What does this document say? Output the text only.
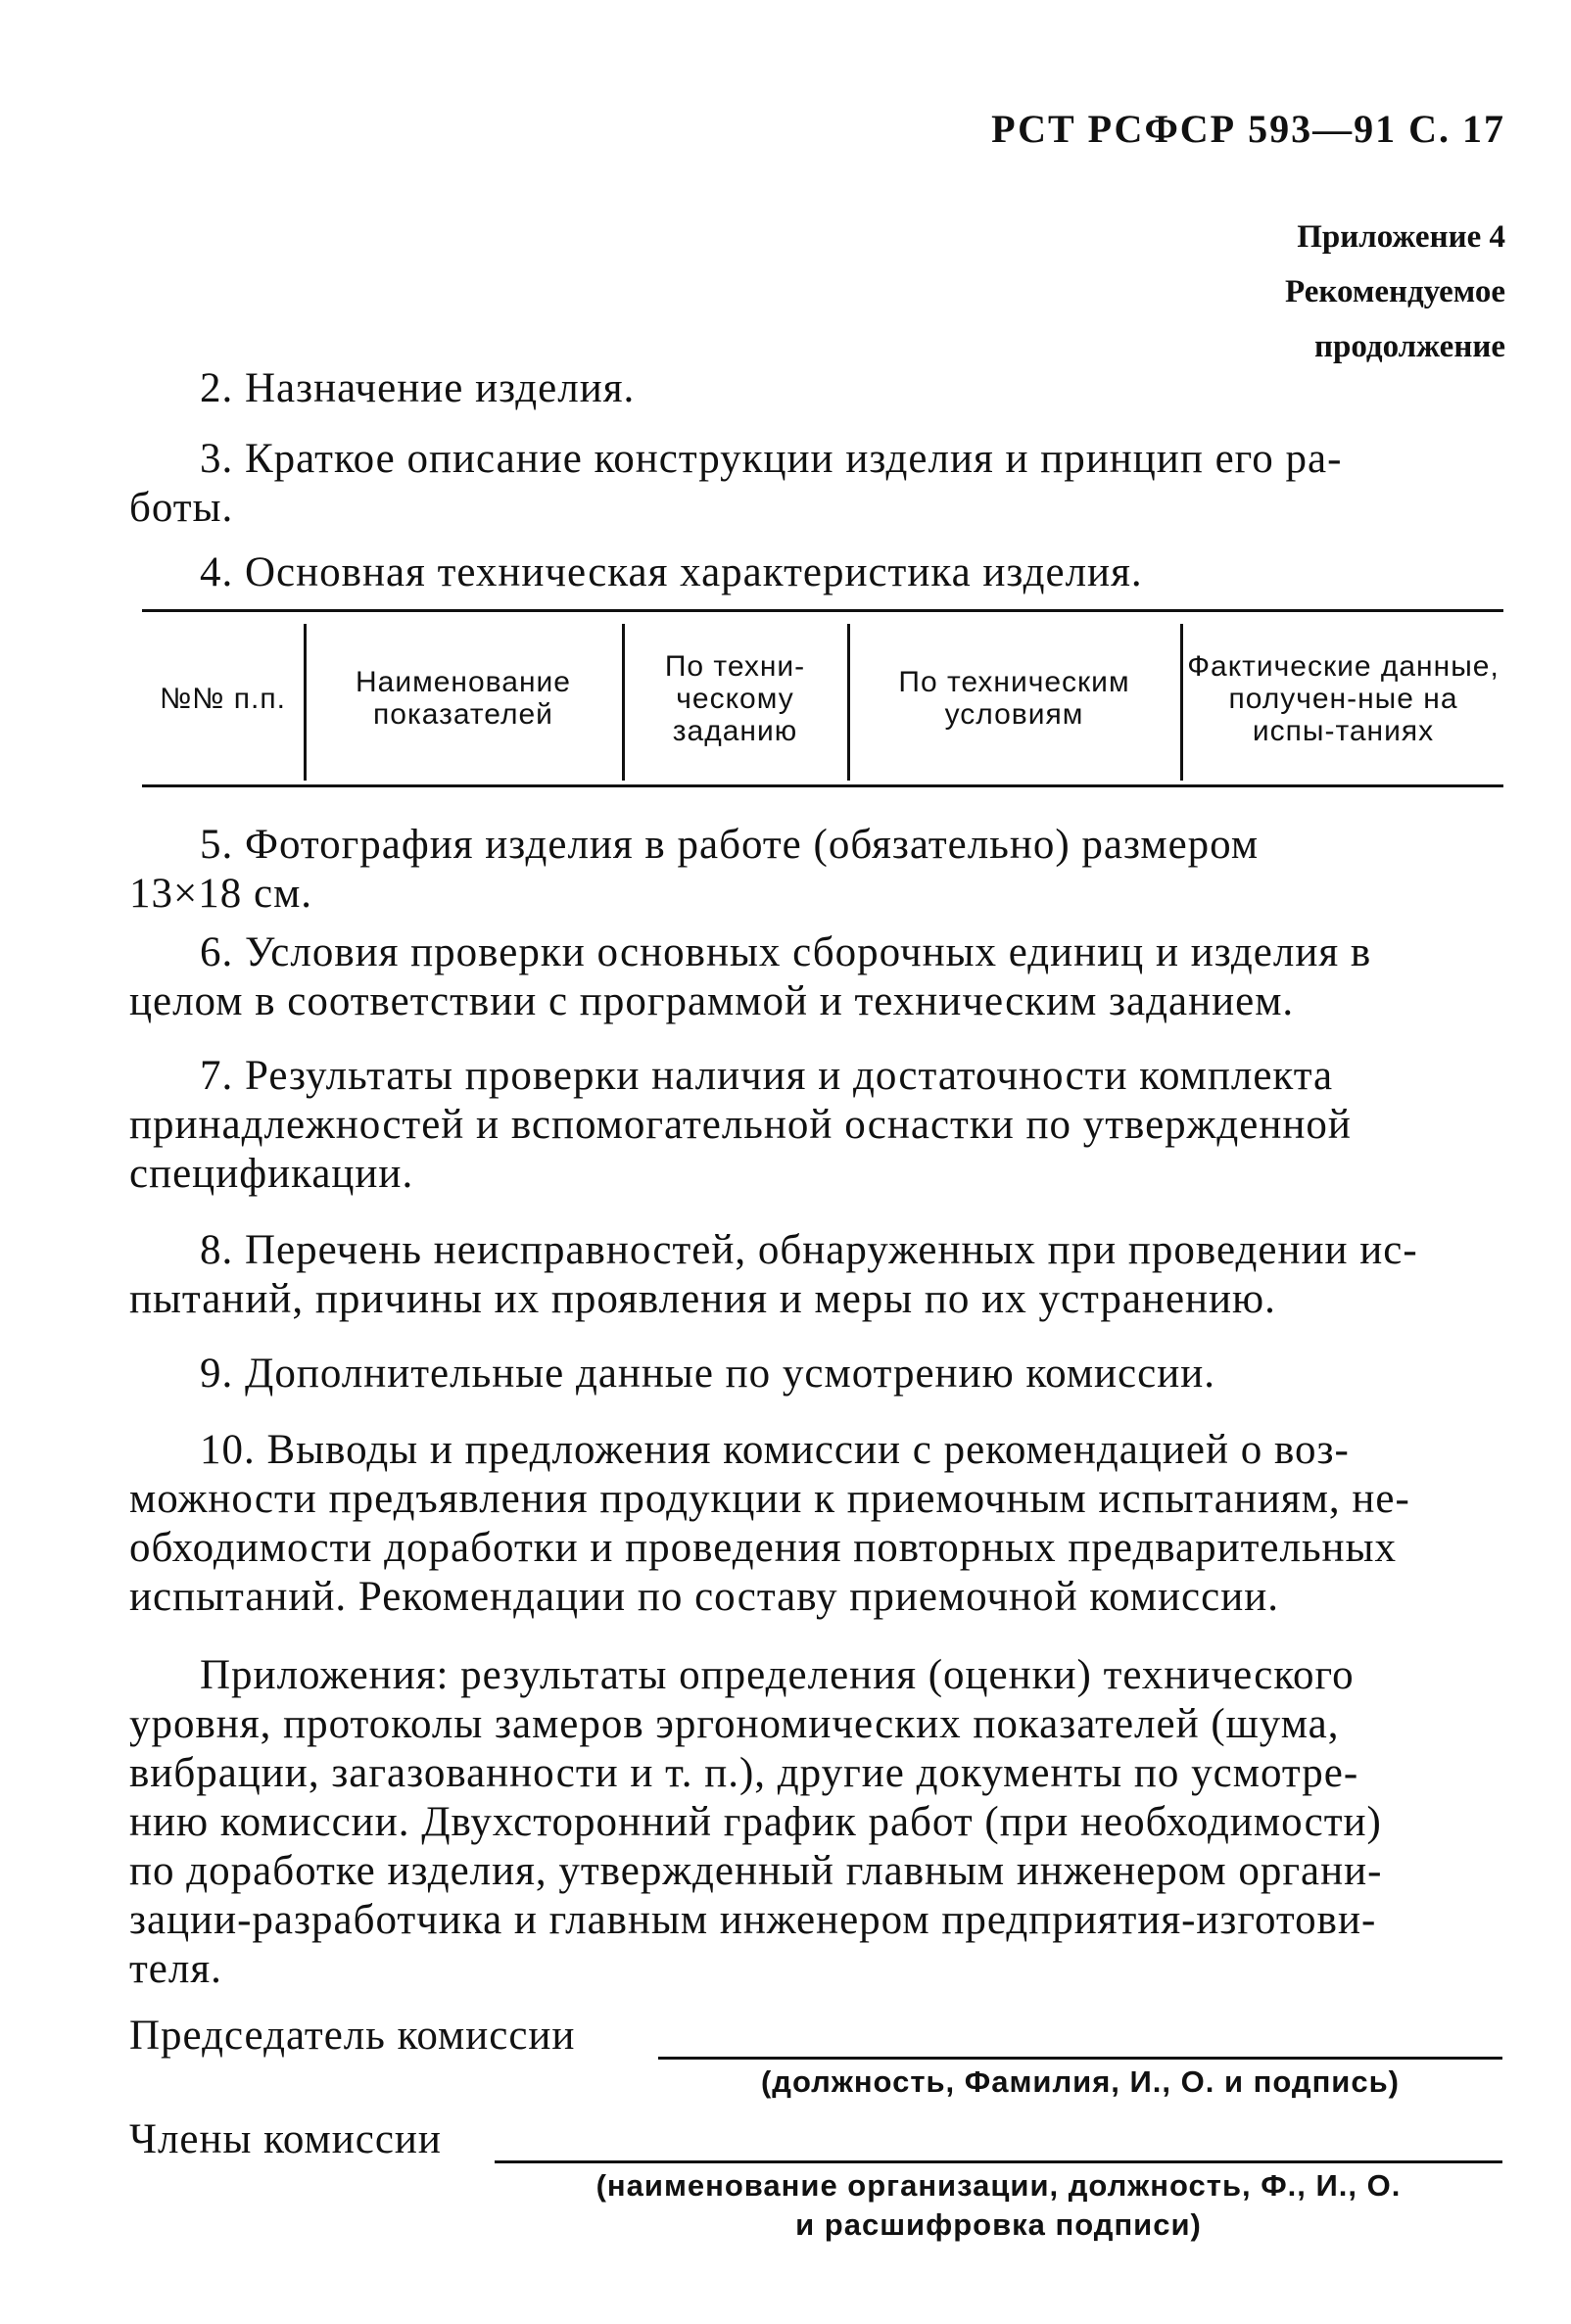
РСТ РСФСР 593—91 С. 17
Приложение 4
Рекомендуемое
продолжение
2. Назначение изделия.
3. Краткое описание конструкции изделия и принцип его ра-
боты.
4. Основная техническая характеристика изделия.
№№ п.п.	Наименование показателей
По техни-ческому заданию
По техническим условиям
Фактические данные, получен-ные на испы-таниях
5. Фотография изделия в работе (обязательно) размером
13×18 см.
6. Условия проверки основных сборочных единиц и изделия в
целом в соответствии с программой и техническим заданием.
7. Результаты проверки наличия и достаточности комплекта
принадлежностей и вспомогательной оснастки по утвержденной
спецификации.
8. Перечень неисправностей, обнаруженных при проведении ис-
пытаний, причины их проявления и меры по их устранению.
9. Дополнительные данные по усмотрению комиссии.
10. Выводы и предложения комиссии с рекомендацией о воз-
можности предъявления продукции к приемочным испытаниям, не-
обходимости доработки и проведения повторных предварительных
испытаний. Рекомендации по составу приемочной комиссии.
Приложения: результаты определения (оценки) технического
уровня, протоколы замеров эргономических показателей (шума,
вибрации, загазованности и т. п.), другие документы по усмотре-
нию комиссии. Двухсторонний график работ (при необходимости)
по доработке изделия, утвержденный главным инженером органи-
зации-разработчика и главным инженером предприятия-изготови-
теля.
Председатель комиссии
(должность, Фамилия, И., О. и подпись)
Члены комиссии
(наименование организации, должность, Ф., И., О.
и расшифровка подписи)
